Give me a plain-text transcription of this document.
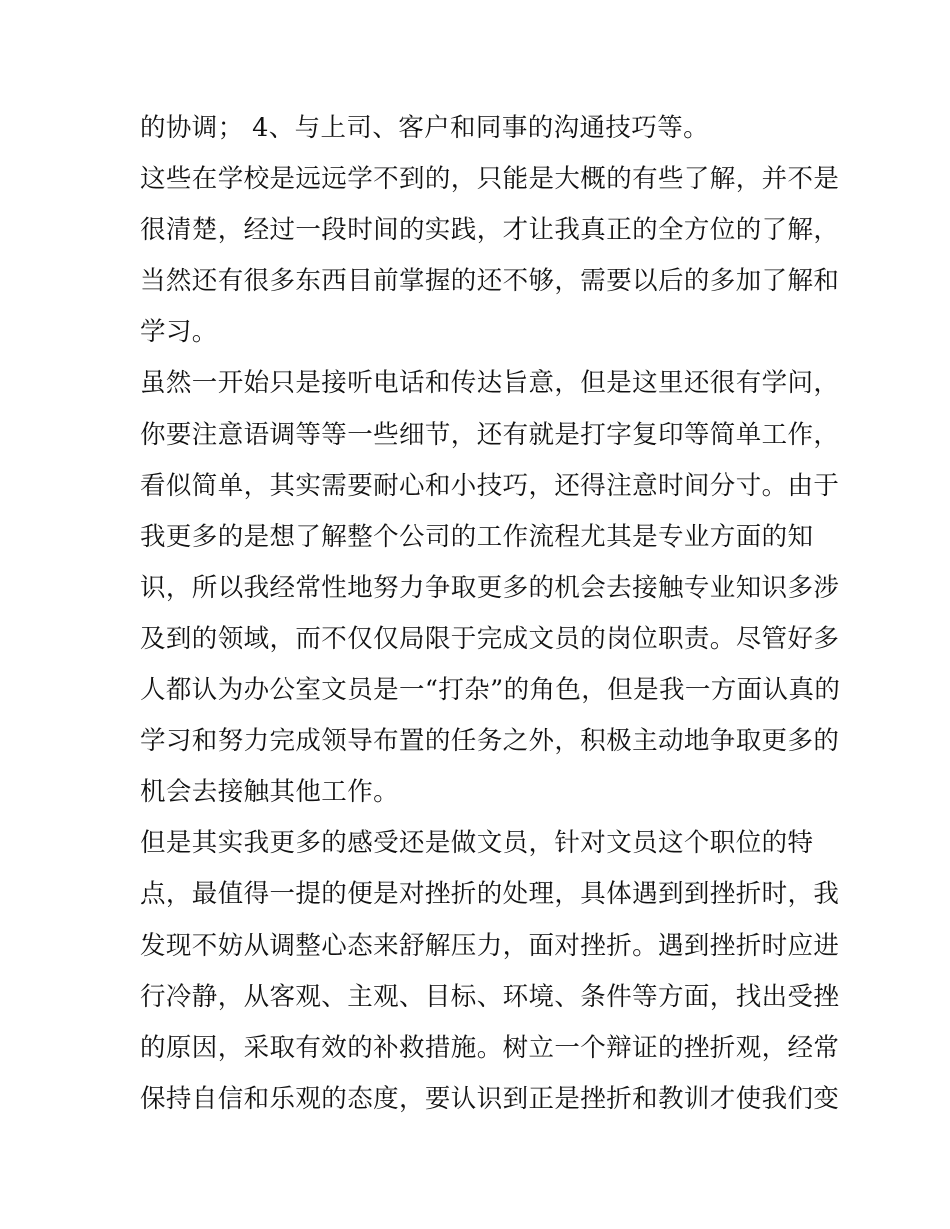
的协调； 4、与上司、客户和同事的沟通技巧等。
这些在学校是远远学不到的，只能是大概的有些了解，并不是
很清楚，经过一段时间的实践，才让我真正的全方位的了解，
当然还有很多东西目前掌握的还不够，需要以后的多加了解和
学习。
虽然一开始只是接听电话和传达旨意，但是这里还很有学问，
你要注意语调等等一些细节，还有就是打字复印等简单工作，
看似简单，其实需要耐心和小技巧，还得注意时间分寸。由于
我更多的是想了解整个公司的工作流程尤其是专业方面的知
识，所以我经常性地努力争取更多的机会去接触专业知识多涉
及到的领域，而不仅仅局限于完成文员的岗位职责。尽管好多
人都认为办公室文员是一“打杂”的角色，但是我一方面认真的
学习和努力完成领导布置的任务之外，积极主动地争取更多的
机会去接触其他工作。
但是其实我更多的感受还是做文员，针对文员这个职位的特
点，最值得一提的便是对挫折的处理，具体遇到到挫折时，我
发现不妨从调整心态来舒解压力，面对挫折。遇到挫折时应进
行冷静，从客观、主观、目标、环境、条件等方面，找出受挫
的原因，采取有效的补救措施。树立一个辩证的挫折观，经常
保持自信和乐观的态度，要认识到正是挫折和教训才使我们变
